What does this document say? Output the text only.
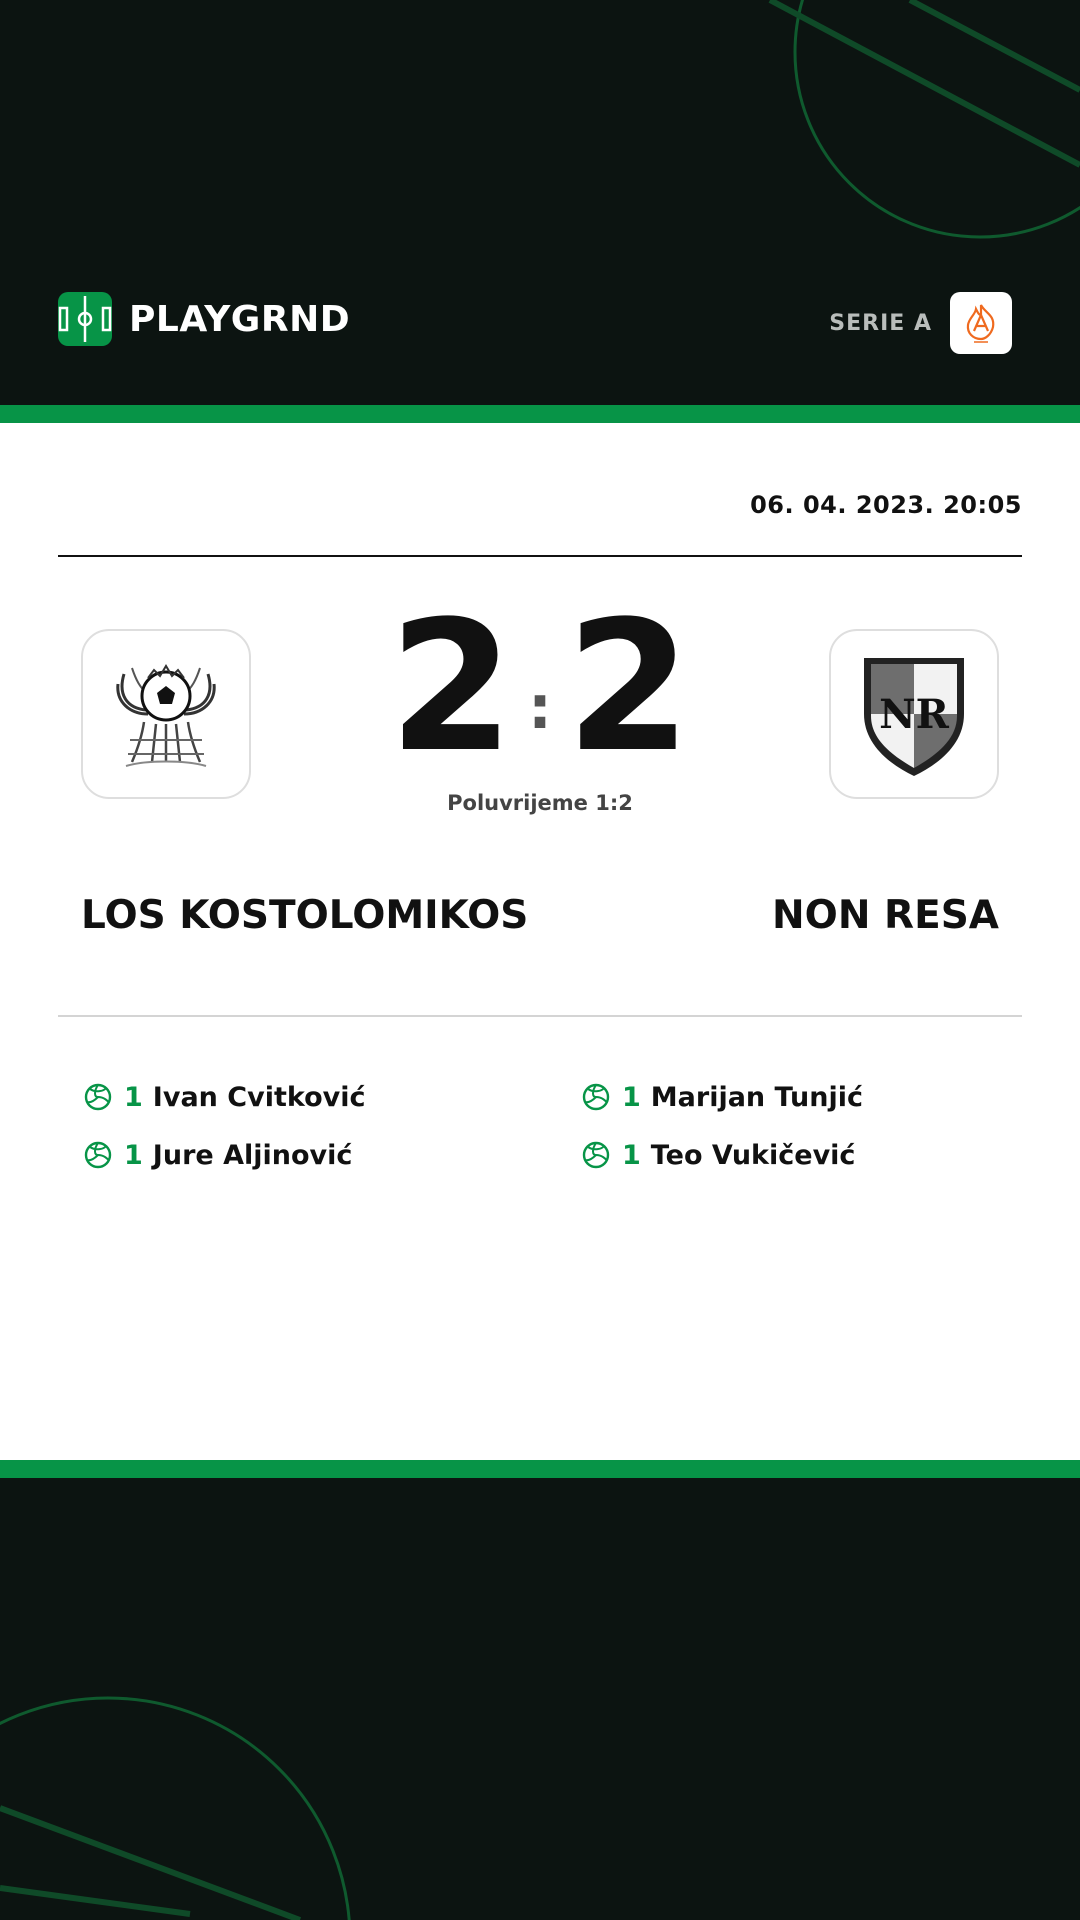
PLAYGRND	SERIE A
06. 04. 2023. 20:05
2 : 2
Poluvrijeme 1:2
NR
LOS KOSTOLOMIKOS	NON RESA
1 Ivan Cvitković
1 Jure Aljinović
1 Marijan Tunjić
1 Teo Vukičević
